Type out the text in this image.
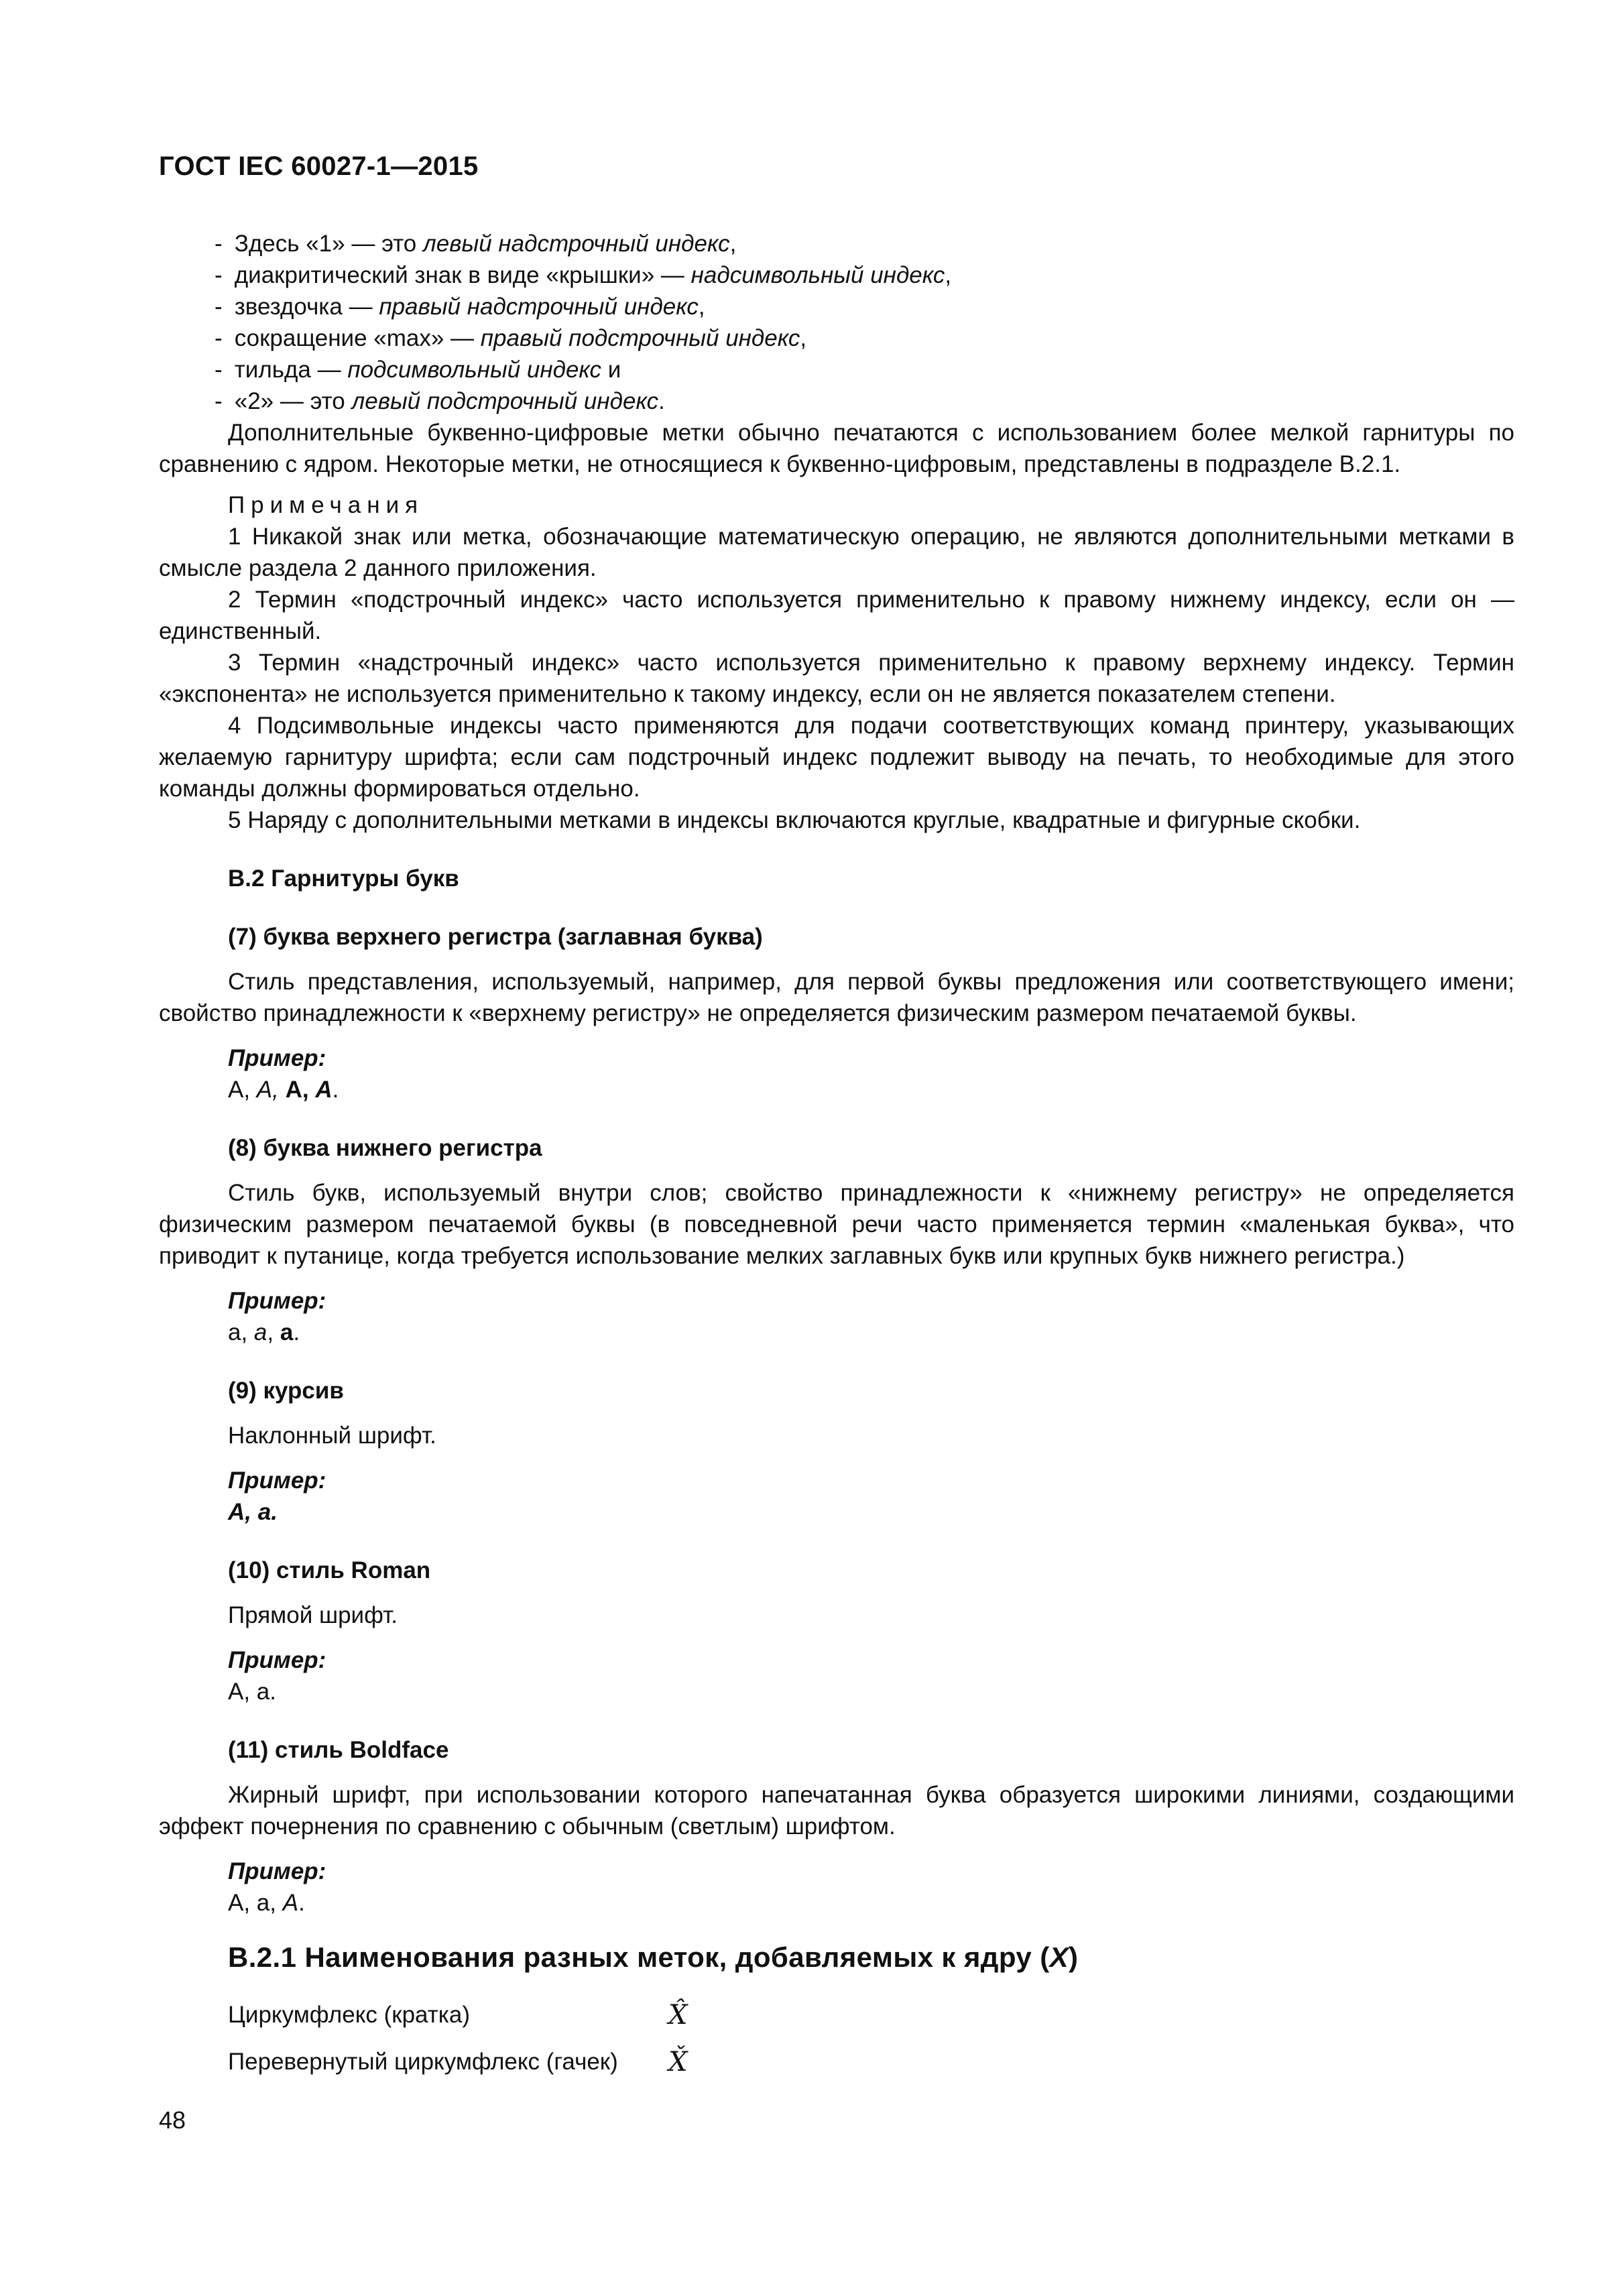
ГОСТ IEC 60027-1—2015
- Здесь «1» — это левый надстрочный индекс,
- диакритический знак в виде «крышки» — надсимвольный индекс,
- звездочка — правый надстрочный индекс,
- сокращение «max» — правый подстрочный индекс,
- тильда — подсимвольный индекс и
- «2» — это левый подстрочный индекс.

Дополнительные буквенно-цифровые метки обычно печатаются с использованием более мелкой гарнитуры по сравнению с ядром. Некоторые метки, не относящиеся к буквенно-цифровым, представлены в подразделе В.2.1.

Примечания

1 Никакой знак или метка, обозначающие математическую операцию, не являются дополнительными метками в смысле раздела 2 данного приложения.

2 Термин «подстрочный индекс» часто используется применительно к правому нижнему индексу, если он — единственный.

3 Термин «надстрочный индекс» часто используется применительно к правому верхнему индексу. Термин «экспонента» не используется применительно к такому индексу, если он не является показателем степени.

4 Подсимвольные индексы часто применяются для подачи соответствующих команд принтеру, указывающих желаемую гарнитуру шрифта; если сам подстрочный индекс подлежит выводу на печать, то необходимые для этого команды должны формироваться отдельно.

5 Наряду с дополнительными метками в индексы включаются круглые, квадратные и фигурные скобки.

В.2 Гарнитуры букв

(7) буква верхнего регистра (заглавная буква)

Стиль представления, используемый, например, для первой буквы предложения или соответствующего имени; свойство принадлежности к «верхнему регистру» не определяется физическим размером печатаемой буквы.

Пример:

A, A, A, A.

(8) буква нижнего регистра

Стиль букв, используемый внутри слов; свойство принадлежности к «нижнему регистру» не определяется физическим размером печатаемой буквы (в повседневной речи часто применяется термин «маленькая буква», что приводит к путанице, когда требуется использование мелких заглавных букв или крупных букв нижнего регистра.)

Пример:

a, a, a.

(9) курсив

Наклонный шрифт.

Пример:

A, a.

(10) стиль Roman

Прямой шрифт.

Пример:

A, a.

(11) стиль Boldface

Жирный шрифт, при использовании которого напечатанная буква образуется широкими линиями, создающими эффект почернения по сравнению с обычным (светлым) шрифтом.

Пример:

A, a, A.

В.2.1 Наименования разных меток, добавляемых к ядру (X)

Циркумфлекс (кратка)	X̂
Перевернутый циркумфлекс (гачек) X̌
48
